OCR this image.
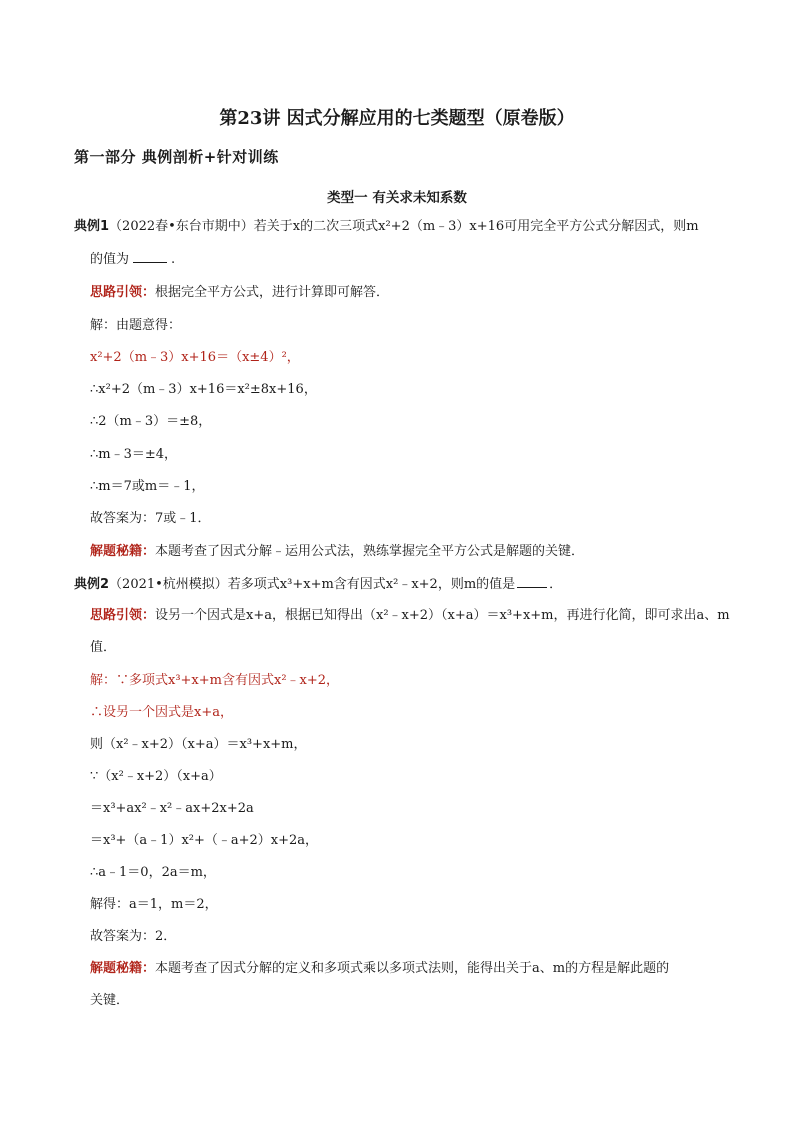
第23讲 因式分解应用的七类题型（原卷版）
第一部分 典例剖析+针对训练
类型一 有关求未知系数
典例1（2022春•东台市期中）若关于x的二次三项式x²+2（m﹣3）x+16可用完全平方公式分解因式，则m
的值为	.
思路引领：根据完全平方公式，进行计算即可解答．
解：由题意得：
x²+2（m﹣3）x+16＝（x±4）²，
∴x²+2（m﹣3）x+16＝x²±8x+16，
∴2（m﹣3）＝±8，
∴m﹣3＝±4，
∴m＝7或m＝﹣1，
故答案为：7或﹣1．
解题秘籍：本题考查了因式分解﹣运用公式法，熟练掌握完全平方公式是解题的关键．
典例2（2021•杭州模拟）若多项式x³+x+m含有因式x²﹣x+2，则m的值是	．
思路引领：设另一个因式是x+a，根据已知得出（x²﹣x+2）（x+a）＝x³+x+m，再进行化简，即可求出a、m
值．
解：∵多项式x³+x+m含有因式x²﹣x+2，
∴设另一个因式是x+a，
则（x²﹣x+2）（x+a）＝x³+x+m，
∵（x²﹣x+2）（x+a）
＝x³+ax²﹣x²﹣ax+2x+2a
＝x³+（a﹣1）x²+（﹣a+2）x+2a，
∴a﹣1＝0，2a＝m，
解得：a＝1，m＝2，
故答案为：2．
解题秘籍：本题考查了因式分解的定义和多项式乘以多项式法则，能得出关于a、m的方程是解此题的
关键．
